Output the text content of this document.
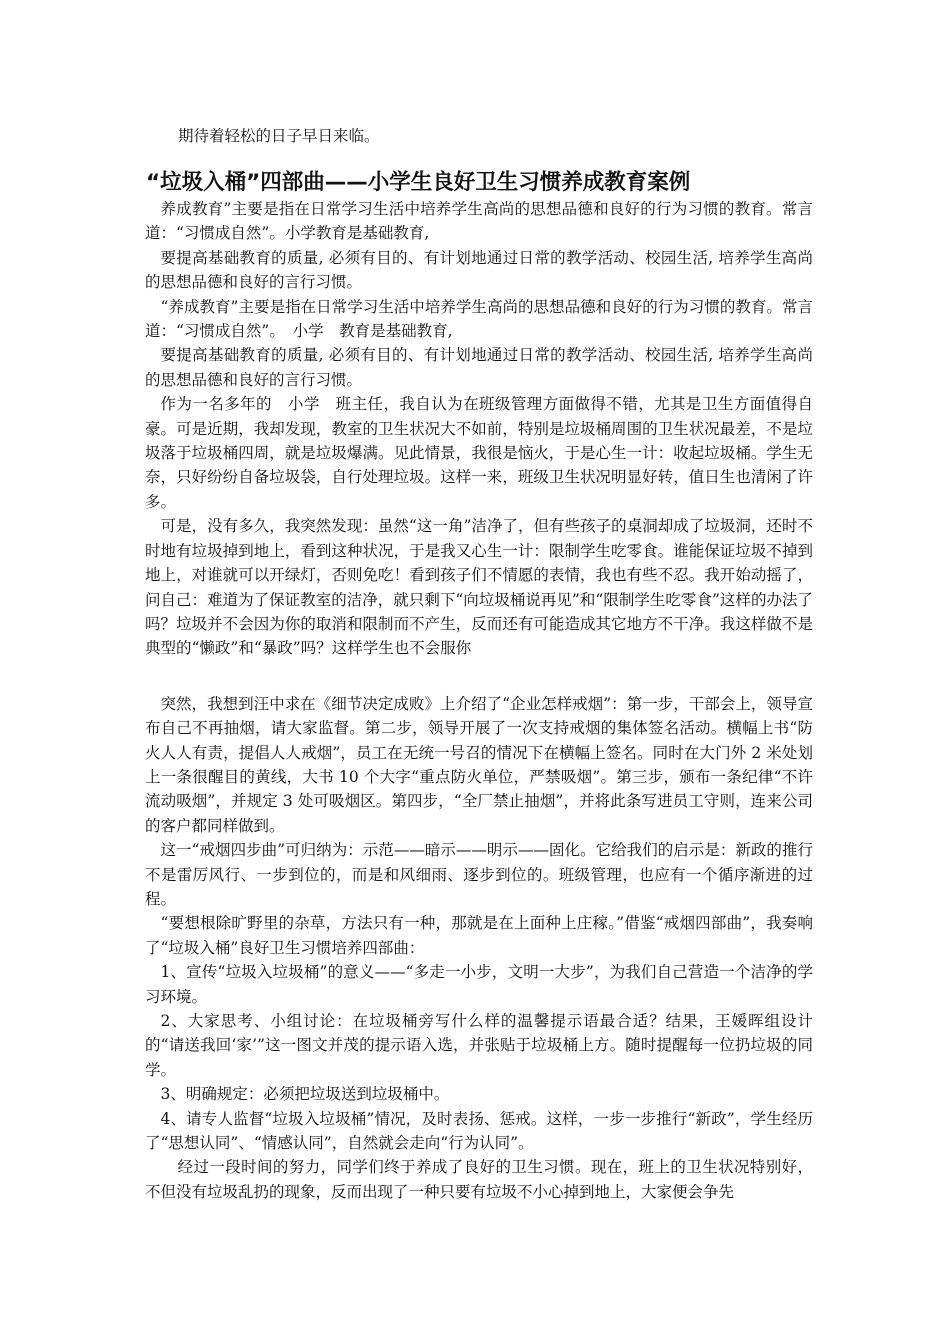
期待着轻松的日子早日来临。
“垃圾入桶”四部曲——小学生良好卫生习惯养成教育案例

养成教育”主要是指在日常学习生活中培养学生高尚的思想品德和良好的行为习惯的教育。常言道：“习惯成自然”。小学教育是基础教育,

要提高基础教育的质量, 必须有目的、有计划地通过日常的教学活动、校园生活, 培养学生高尚的思想品德和良好的言行习惯。

“养成教育”主要是指在日常学习生活中培养学生高尚的思想品德和良好的行为习惯的教育。常言道：“习惯成自然”。　小学　教育是基础教育,

要提高基础教育的质量, 必须有目的、有计划地通过日常的教学活动、校园生活, 培养学生高尚的思想品德和良好的言行习惯。

作为一名多年的　小学　班主任，我自认为在班级管理方面做得不错，尤其是卫生方面值得自豪。可是近期，我却发现，教室的卫生状况大不如前，特别是垃圾桶周围的卫生状况最差，不是垃圾落于垃圾桶四周，就是垃圾爆满。见此情景，我很是恼火，于是心生一计：收起垃圾桶。学生无奈，只好纷纷自备垃圾袋，自行处理垃圾。这样一来，班级卫生状况明显好转，值日生也清闲了许多。

可是，没有多久，我突然发现：虽然“这一角”洁净了，但有些孩子的桌洞却成了垃圾洞，还时不时地有垃圾掉到地上，看到这种状况，于是我又心生一计：限制学生吃零食。谁能保证垃圾不掉到地上，对谁就可以开绿灯，否则免吃！看到孩子们不情愿的表情，我也有些不忍。我开始动摇了，问自己：难道为了保证教室的洁净，就只剩下“向垃圾桶说再见”和“限制学生吃零食”这样的办法了吗？垃圾并不会因为你的取消和限制而不产生，反而还有可能造成其它地方不干净。我这样做不是典型的“懒政”和“暴政”吗？这样学生也不会服你

突然，我想到汪中求在《细节决定成败》上介绍了“企业怎样戒烟”：第一步，干部会上，领导宣布自己不再抽烟，请大家监督。第二步，领导开展了一次支持戒烟的集体签名活动。横幅上书“防火人人有责，提倡人人戒烟”，员工在无统一号召的情况下在横幅上签名。同时在大门外 2 米处划上一条很醒目的黄线，大书 10 个大字“重点防火单位，严禁吸烟”。第三步，颁布一条纪律“不许流动吸烟”，并规定 3 处可吸烟区。第四步，“全厂禁止抽烟”，并将此条写进员工守则，连来公司的客户都同样做到。

这一“戒烟四步曲”可归纳为：示范——暗示——明示——固化。它给我们的启示是：新政的推行不是雷厉风行、一步到位的，而是和风细雨、逐步到位的。班级管理，也应有一个循序渐进的过程。

“要想根除旷野里的杂草，方法只有一种，那就是在上面种上庄稼。”借鉴“戒烟四部曲”，我奏响了“垃圾入桶”良好卫生习惯培养四部曲：

1、宣传“垃圾入垃圾桶”的意义——“多走一小步，文明一大步”，为我们自己营造一个洁净的学习环境。

2、大家思考、小组讨论：在垃圾桶旁写什么样的温馨提示语最合适？结果，王媛晖组设计的“请送我回‘家’”这一图文并茂的提示语入选，并张贴于垃圾桶上方。随时提醒每一位扔垃圾的同学。

3、明确规定：必须把垃圾送到垃圾桶中。

4、请专人监督“垃圾入垃圾桶”情况，及时表扬、惩戒。这样，一步一步推行“新政”，学生经历了“思想认同”、“情感认同”，自然就会走向“行为认同”。

经过一段时间的努力，同学们终于养成了良好的卫生习惯。现在，班上的卫生状况特别好，不但没有垃圾乱扔的现象，反而出现了一种只要有垃圾不小心掉到地上，大家便会争先
